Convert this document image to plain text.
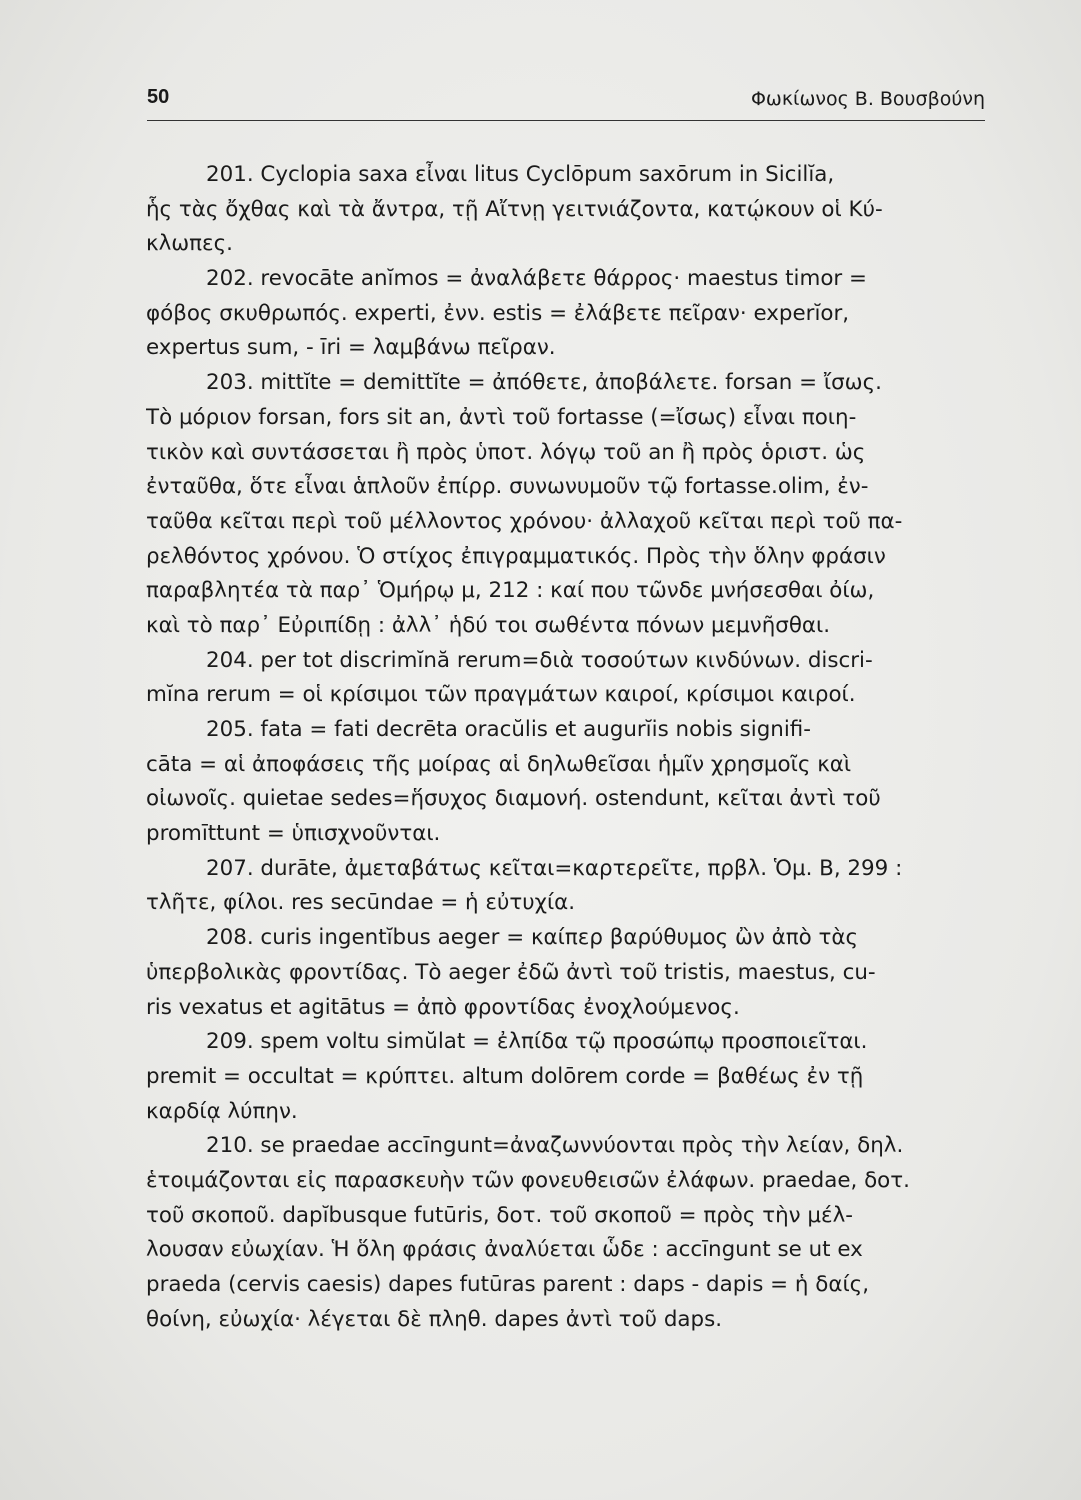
50	Φωκίωνος Β. Βουσβούνη
201. Cyclopia saxa εἶναι litus Cyclōpum saxōrum in Sicilĭa,
ἧς τὰς ὄχθας καὶ τὰ ἄντρα, τῇ Αἴτνῃ γειτνιάζοντα, κατῴκουν οἱ Κύ-
κλωπες.
202. revocāte anĭmos = ἀναλάβετε θάρρος· maestus timor =
φόβος σκυθρωπός. experti, ἐνν. estis = ἐλάβετε πεῖραν· experĭor,
expertus sum, - īri = λαμβάνω πεῖραν.
203. mittĭte = demittĭte = ἀπόθετε, ἀποβάλετε. forsan = ἴσως.
Τὸ μόριον forsan, fors sit an, ἀντὶ τοῦ fortasse (=ἴσως) εἶναι ποιη-
τικὸν καὶ συντάσσεται ἢ πρὸς ὑποτ. λόγῳ τοῦ an ἢ πρὸς ὁριστ. ὡς
ἐνταῦθα, ὅτε εἶναι ἁπλοῦν ἐπίρρ. συνωνυμοῦν τῷ fortasse.olim, ἐν-
ταῦθα κεῖται περὶ τοῦ μέλλοντος χρόνου· ἀλλαχοῦ κεῖται περὶ τοῦ πα-
ρελθόντος χρόνου. Ὁ στίχος ἐπιγραμματικός. Πρὸς τὴν ὅλην φράσιν
παραβλητέα τὰ παρ᾽ Ὁμήρῳ μ, 212 : καί που τῶνδε μνήσεσθαι ὀίω,
καὶ τὸ παρ᾽ Εὐριπίδῃ : ἀλλ᾽ ἡδύ τοι σωθέντα πόνων μεμνῆσθαι.
204. per tot discrimĭnă rerum=διὰ τοσούτων κινδύνων. discri-
mĭna rerum = οἱ κρίσιμοι τῶν πραγμάτων καιροί, κρίσιμοι καιροί.
205. fata = fati decrēta oracŭlis et augurĭis nobis signifi-
cāta = αἱ ἀποφάσεις τῆς μοίρας αἱ δηλωθεῖσαι ἡμῖν χρησμοῖς καὶ
οἰωνοῖς. quietae sedes=ἥσυχος διαμονή. ostendunt, κεῖται ἀντὶ τοῦ
promīttunt = ὑπισχνοῦνται.
207. durāte, ἀμεταβάτως κεῖται=καρτερεῖτε, πρβλ. Ὁμ. Β, 299 :
τλῆτε, φίλοι. res secūndae = ἡ εὐτυχία.
208. curis ingentĭbus aeger = καίπερ βαρύθυμος ὢν ἀπὸ τὰς
ὑπερβολικὰς φροντίδας. Τὸ aeger ἐδῶ ἀντὶ τοῦ tristis, maestus, cu-
ris vexatus et agitātus = ἀπὸ φροντίδας ἐνοχλούμενος.
209. spem voltu simŭlat = ἐλπίδα τῷ προσώπῳ προσποιεῖται.
premit = occultat = κρύπτει. altum dolōrem corde = βαθέως ἐν τῇ
καρδίᾳ λύπην.
210. se praedae accīngunt=ἀναζωννύονται πρὸς τὴν λείαν, δηλ.
ἑτοιμάζονται εἰς παρασκευὴν τῶν φονευθεισῶν ἐλάφων. praedae, δοτ.
τοῦ σκοποῦ. dapĭbusque futūris, δοτ. τοῦ σκοποῦ = πρὸς τὴν μέλ-
λουσαν εὐωχίαν. Ἡ ὅλη φράσις ἀναλύεται ὧδε : accīngunt se ut ex
praeda (cervis caesis) dapes futūras parent : daps - dapis = ἡ δαίς,
θοίνη, εὐωχία· λέγεται δὲ πληθ. dapes ἀντὶ τοῦ daps.
